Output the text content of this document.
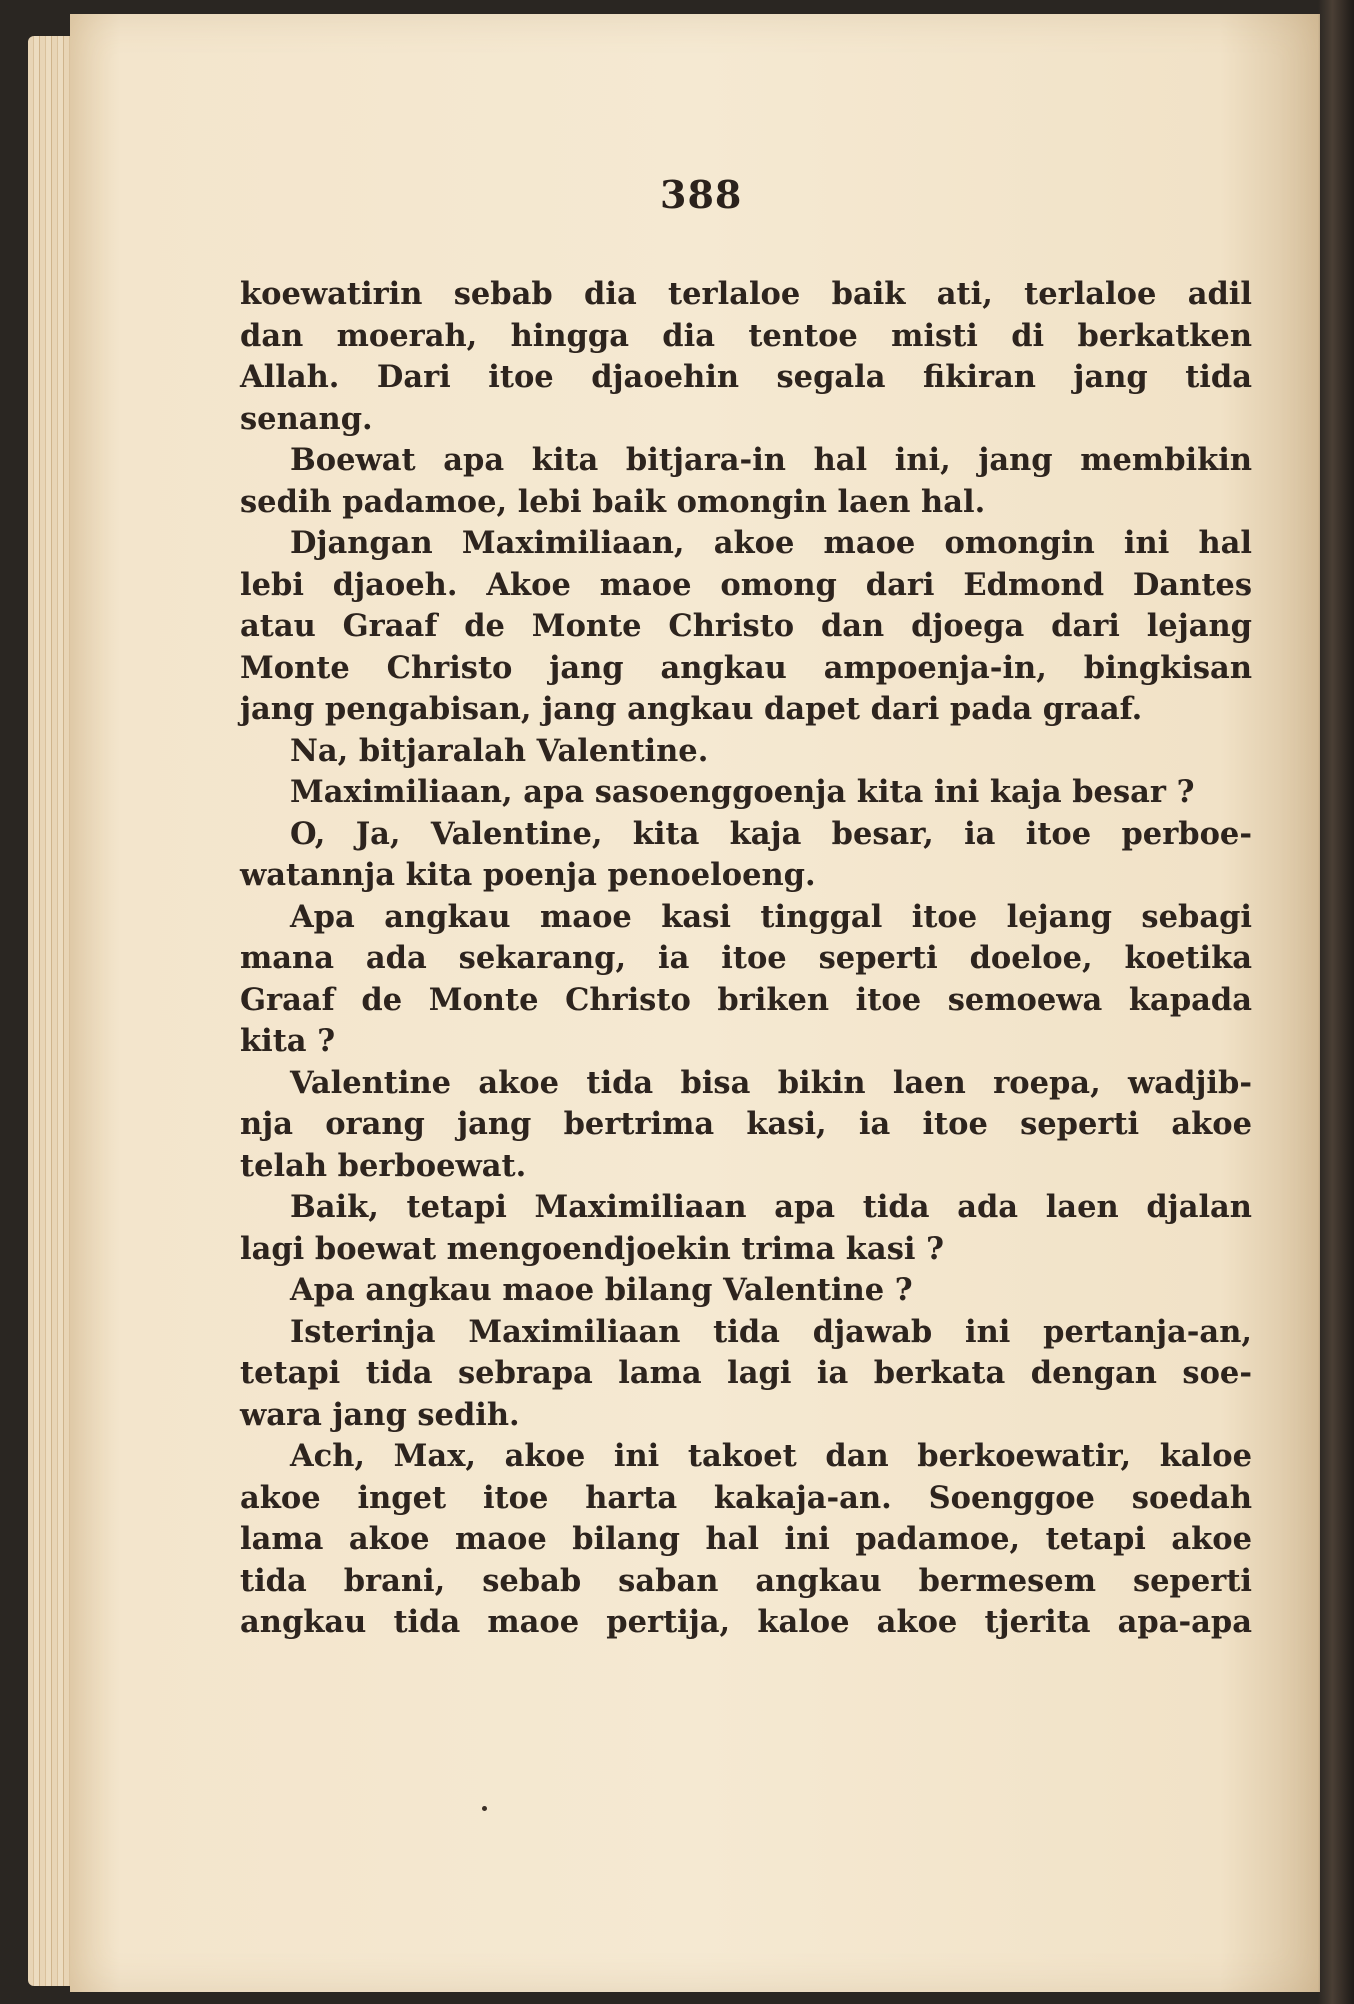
388
koewatirin sebab dia terlaloe baik ati, terlaloe adil
dan moerah, hingga dia tentoe misti di berkatken
Allah. Dari itoe djaoehin segala fikiran jang tida
senang.
Boewat apa kita bitjara-in hal ini, jang membikin
sedih padamoe, lebi baik omongin laen hal.
Djangan Maximiliaan, akoe maoe omongin ini hal
lebi djaoeh. Akoe maoe omong dari Edmond Dantes
atau Graaf de Monte Christo dan djoega dari lejang
Monte Christo jang angkau ampoenja-in, bingkisan
jang pengabisan, jang angkau dapet dari pada graaf.
Na, bitjaralah Valentine.
Maximiliaan, apa sasoenggoenja kita ini kaja besar ?
O, Ja, Valentine, kita kaja besar, ia itoe perboe-
watannja kita poenja penoeloeng.
Apa angkau maoe kasi tinggal itoe lejang sebagi
mana ada sekarang, ia itoe seperti doeloe, koetika
Graaf de Monte Christo briken itoe semoewa kapada
kita ?
Valentine akoe tida bisa bikin laen roepa, wadjib-
nja orang jang bertrima kasi, ia itoe seperti akoe
telah berboewat.
Baik, tetapi Maximiliaan apa tida ada laen djalan
lagi boewat mengoendjoekin trima kasi ?
Apa angkau maoe bilang Valentine ?
Isterinja Maximiliaan tida djawab ini pertanja-an,
tetapi tida sebrapa lama lagi ia berkata dengan soe-
wara jang sedih.
Ach, Max, akoe ini takoet dan berkoewatir, kaloe
akoe inget itoe harta kakaja-an. Soenggoe soedah
lama akoe maoe bilang hal ini padamoe, tetapi akoe
tida brani, sebab saban angkau bermesem seperti
angkau tida maoe pertija, kaloe akoe tjerita apa-apa
